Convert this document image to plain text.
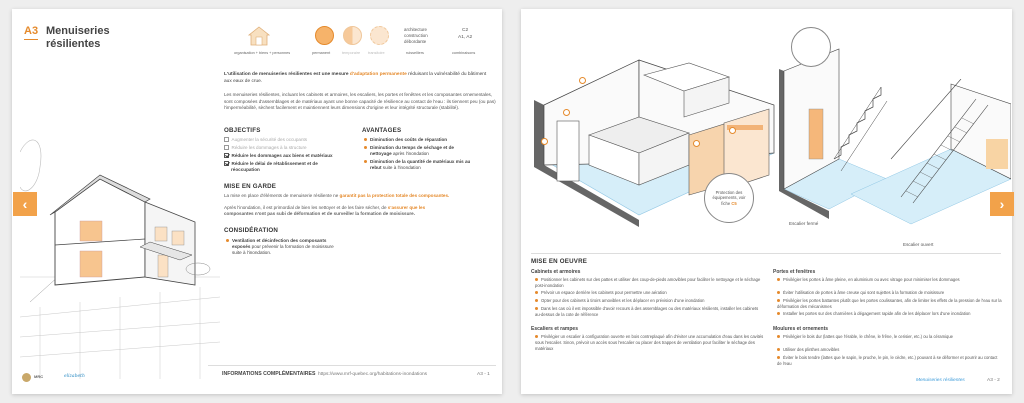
A3 Menuiseries
résilientes
organisation + biens + personnes	permanent	temporaire transitoire
architecture
construction
débordante
ruisselliers
C2
A1, A2
combinaisons
L'utilisation de menuiseries résilientes est une mesure d'adaptation permanente réduisant la vulnérabilité du bâtiment aux eaux de crue.
Les menuiseries résilientes, incluant les cabinets et armoires, les escaliers, les portes et fenêtres et les composantes ornementales, sont composées d'assemblages et de matériaux ayant une bonne capacité de résilience au contact de l'eau : ils tiennent peu (ou pas) l'imperméabilité, sèchent facilement et maintiennent leurs dimensions d'origine et leur intégrité structurale (stabilité).
OBJECTIFS
Augmenter la sécurité des occupants
Réduire les dommages à la structure
Réduire les dommages aux biens et matériaux
Réduire le délai de rétablissement et de
réoccupation
AVANTAGES
Diminution des coûts de réparation
Diminution du temps de séchage et de
nettoyage après l'inondation
Diminution de la quantité de matériaux mis au
rebut suite à l'inondation
MISE EN GARDE
La mise en place d'éléments de menuiserie résiliente ne garantit pas la protection totale des composantes.
Après l'inondation, il est primordial de bien les nettoyer et de les faire sécher, de s'assurer que les
composantes n'ont pas subi de déformation et de surveiller la formation de moisissure.
CONSIDÉRATION
Ventilation et décinfection des composants
exposés pour prévenir la formation de moisissure
suite à l'inondation.
MRC	elizabeth	INFORMATIONS COMPLÉMENTAIRES https://www.mrf-quebec.org/habitations-inondations	A3 - 1
Protection des équipements, voir fiche C5
Escalier fermé
Escalier ouvert
MISE EN OEUVRE
Cabinets et armoires
Positionner les cabinets sur des pattes et utiliser des coup-de-pieds amovibles pour faciliter le nettoyage et le séchage post-inondation
Prévoir un espace derrière les cabinets pour permettre une aération
Opter pour des cabinets à tiroirs amovibles et les déplacer en prévision d'une inondation
Dans les cas où il est impossible d'avoir recours à des assemblages ou des matériaux résilients, installer les cabinets au-dessus de la cote de référence
Escaliers et rampes
Privilégier un escalier à configuration ouverte en bois contreplaqué afin d'éviter une accumulation d'eau dans les cavités sous l'escalier. Sinon, prévoir un accès sous l'escalier ou placer des trappes de ventilation pour faciliter le séchage des matériaux
Portes et fenêtres
Privilégier les portes à âme pleine, en aluminium ou avec vitrage pour minimiser les dommages
Éviter l'utilisation de portes à âme creuse qui sont sujettes à la formation de moisissure
Privilégier les portes battantes plutôt que les portes coulissantes, afin de limiter les effets de la pression de l'eau sur la déformation des mécanismes
Installer les portes sur des charnières à dégagement rapide afin de les déplacer lors d'une inondation
Moulures et ornements
Privilégier le bois dur (lattes que l'érable, le chêne, le frêne, le cerisier, etc.) ou la céramique
Utiliser des plinthes amovibles
Éviter le bois tendre (lattes que le sapin, le pruche, le pin, le cèdre, etc.) pouvant à se déformer et pourrir au contact de l'eau
Menuiseries résilientes	A3 - 2
‹	›
